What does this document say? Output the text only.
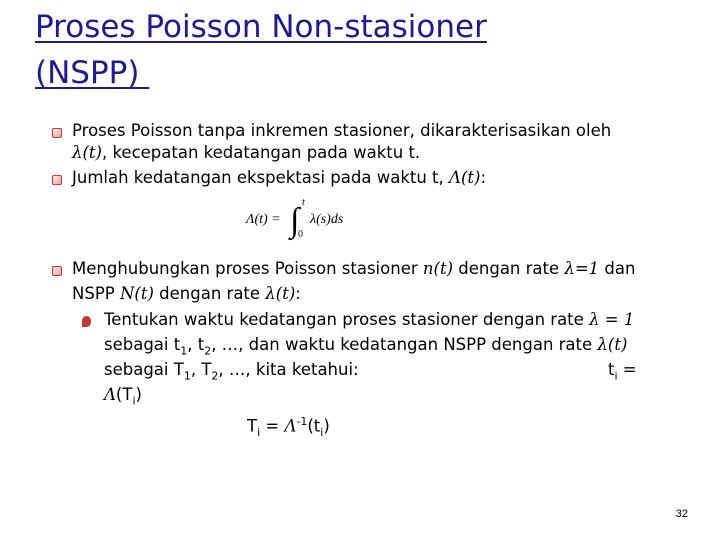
Proses Poisson Non-stasioner
(NSPP)
Proses Poisson tanpa inkremen stasioner, dikarakterisasikan oleh
λ(t), kecepatan kedatangan pada waktu t.
Jumlah kedatangan ekspektasi pada waktu t, Λ(t):
Λ(t) = ∫ t
0
λ(s)ds
Menghubungkan proses Poisson stasioner n(t) dengan rate λ=1 dan
NSPP N(t) dengan rate λ(t):
Tentukan waktu kedatangan proses stasioner dengan rate λ = 1
sebagai $t_1$, $t_2$, …, dan waktu kedatangan NSPP dengan rate λ(t)
sebagai $T_1$, $T_2$, …, kita ketahui:	$t_i$ =
$\Lambda(T_i)$
$T_i = \Lambda^{-1}(t_i)$
32
